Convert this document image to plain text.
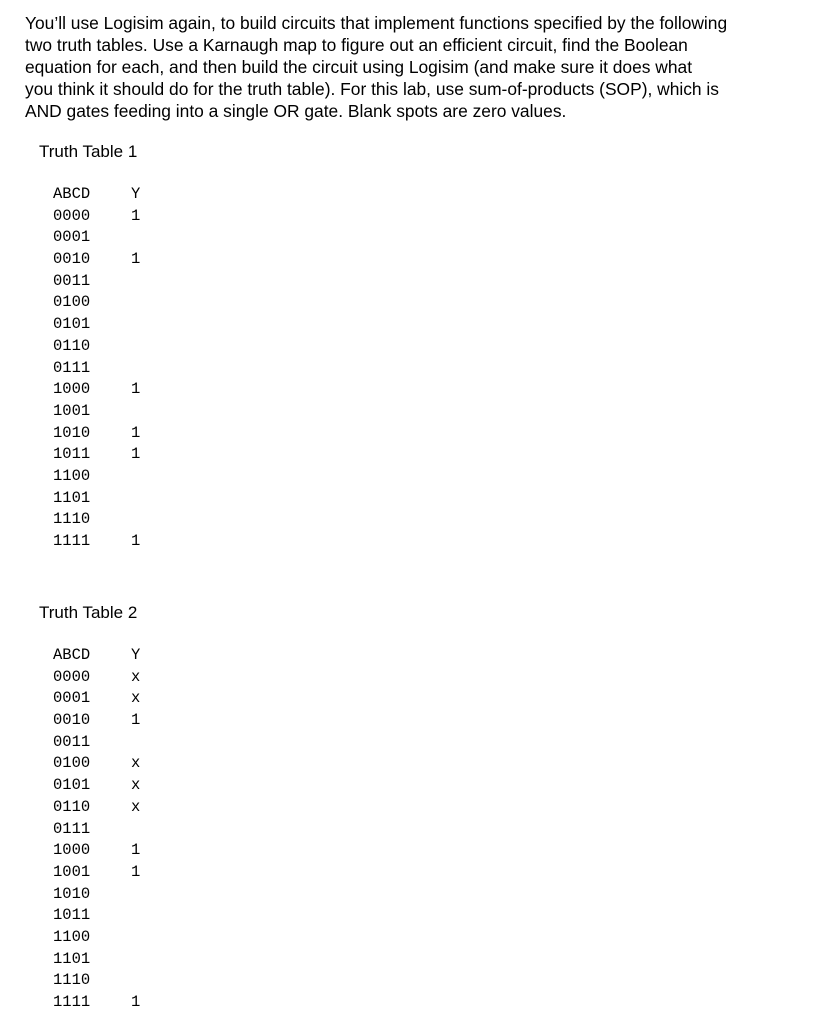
You’ll use Logisim again, to build circuits that implement functions specified by the following
two truth tables. Use a Karnaugh map to figure out an efficient circuit, find the Boolean
equation for each, and then build the circuit using Logisim (and make sure it does what
you think it should do for the truth table). For this lab, use sum-of-products (SOP), which is
AND gates feeding into a single OR gate. Blank spots are zero values.

Truth Table 1
ABCD	Y
0000	1
0001
0010	1
0011
0100
0101
0110
0111
1000	1
1001
1010	1
1011	1
1100
1101
1110
1111	1
Truth Table 2
ABCD	Y
0000	x
0001	x
0010	1
0011
0100	x
0101	x
0110	x
0111
1000	1
1001	1
1010
1011
1100
1101
1110
1111	1
